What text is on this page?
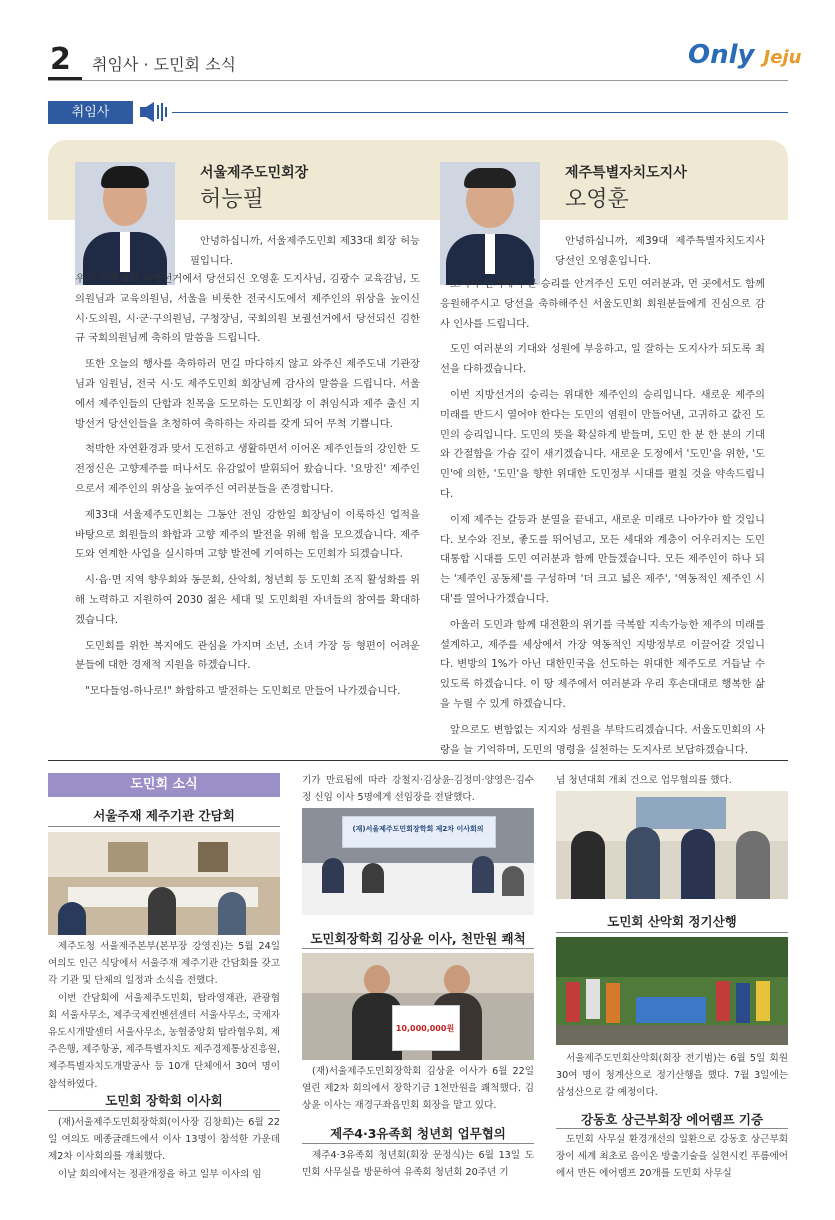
2 취임사 · 도민회 소식	Only Jeju
취임사
서울제주도민회장
허능필

안녕하십니까, 서울제주도민회 제33대 회장 허능필입니다.

우선 이번 8회 지방선거에서 당선되신 오영훈 도지사님, 김광수 교육감님, 도의원님과 교육의원님, 서울을 비롯한 전국시도에서 제주인의 위상을 높이신 시·도의원, 시·군·구의원님, 구청장님, 국회의원 보궐선거에서 당선되신 김한규 국회의원님께 축하의 말씀을 드립니다.

또한 오늘의 행사를 축하하러 먼길 마다하지 않고 와주신 제주도내 기관장님과 임원님, 전국 시·도 제주도민회 회장님께 감사의 말씀을 드립니다. 서울에서 제주인들의 단합과 친목을 도모하는 도민회장 이 취임식과 제주 출신 지방선거 당선인들을 초청하여 축하하는 자리를 갖게 되어 무척 기쁩니다.

척박한 자연환경과 맞서 도전하고 생활하면서 이어온 제주인들의 강인한 도전정신은 고향제주를 떠나서도 유감없이 발휘되어 왔습니다. '요망진' 제주인으로서 제주인의 위상을 높여주신 여러분들을 존경합니다.

제33대 서울제주도민회는 그동안 전임 강한일 회장님이 이룩하신 업적을 바탕으로 회원들의 화합과 고향 제주의 발전을 위해 힘을 모으겠습니다. 제주도와 연계한 사업을 실시하며 고향 발전에 기여하는 도민회가 되겠습니다.

시·읍·면 지역 향우회와 동문회, 산악회, 청년회 등 도민회 조직 활성화를 위해 노력하고 지원하여 2030 젊은 세대 및 도민회원 자녀들의 참여를 확대하겠습니다.

도민회를 위한 복지에도 관심을 가지며 소년, 소녀 가장 등 형편이 어려운 분들에 대한 경제적 지원을 하겠습니다.

"모다들엉-하나로!" 화합하고 발전하는 도민회로 만들어 나가겠습니다.

제주특별자치도지사
오영훈

안녕하십니까, 제39대 제주특별자치도지사 당선인 오영훈입니다.

도지사 선거에서 큰 승리를 안겨주신 도민 여러분과, 먼 곳에서도 함께 응원해주시고 당선을 축하해주신 서울도민회 회원분들에게 진심으로 감사 인사를 드립니다.

도민 여러분의 기대와 성원에 부응하고, 일 잘하는 도지사가 되도록 최선을 다하겠습니다.

이번 지방선거의 승리는 위대한 제주인의 승리입니다. 새로운 제주의 미래를 반드시 열어야 한다는 도민의 염원이 만들어낸, 고귀하고 값진 도민의 승리입니다. 도민의 뜻을 확실하게 받들며, 도민 한 분 한 분의 기대와 간절함을 가슴 깊이 새기겠습니다. 새로운 도정에서 '도민'을 위한, '도민'에 의한, '도민'을 향한 위대한 도민정부 시대를 펼칠 것을 약속드립니다.

이제 제주는 갈등과 분열을 끝내고, 새로운 미래로 나아가야 할 것입니다. 보수와 진보, 좋도를 뛰어넘고, 모든 세대와 계층이 어우러지는 도민 대통합 시대를 도민 여러분과 함께 만들겠습니다. 모든 제주인이 하나 되는 '제주인 공동체'를 구성하며 '더 크고 넓은 제주', '역동적인 제주인 시대'를 열어나가겠습니다.

아울러 도민과 함께 대전환의 위기를 극복할 지속가능한 제주의 미래를 설계하고, 제주를 세상에서 가장 역동적인 지방정부로 이끌어갈 것입니다. 변방의 1%가 아닌 대한민국을 선도하는 위대한 제주도로 거듭날 수 있도록 하겠습니다. 이 땅 제주에서 여러분과 우리 후손대대로 행복한 삶을 누릴 수 있게 하겠습니다.

앞으로도 변함없는 지지와 성원을 부탁드리겠습니다. 서울도민회의 사랑을 늘 기억하며, 도민의 명령을 실천하는 도지사로 보답하겠습니다.

도민회 소식
서울주재 제주기관 간담회

제주도청 서울제주본부(본부장 강영진)는 5월 24일 여의도 인근 식당에서 서울주재 제주기관 간담회를 갖고 각 기관 및 단체의 일정과 소식을 전했다.

이번 간담회에 서울제주도민회, 탐라영재관, 관광협회 서울사무소, 제주국제컨벤션센터 서울사무소, 국제자유도시개발센터 서울사무소, 농협중앙회 탐라협우회, 제주은행, 제주항공, 제주특별자치도 제주경제통상진흥원, 제주특별자치도개발공사 등 10개 단체에서 30여 명이 참석하였다.

도민회 장학회 이사회

(재)서울제주도민회장학회(이사장 김창희)는 6월 22일 여의도 메종글래드에서 이사 13명이 참석한 가운데 제2차 이사회의를 개최했다.

이날 회의에서는 정관개정을 하고 일부 이사의 임

기가 만료됨에 따라 강철지·김상윤·김정미·양영은·김수정 신임 이사 5명에게 선임장을 전달했다.

(재)서울제주도민회장학회 제2차 이사회의
도민회장학회 김상윤 이사, 천만원 쾌척
10,000,000원

(재)서울제주도민회장학회 김상윤 이사가 6월 22일 열린 제2차 회의에서 장학기금 1천만원을 쾌척했다. 김상윤 이사는 재경구좌읍민회 회장을 맡고 있다.

제주4·3유족회 청년회 업무협의

제주4·3유족회 청년회(회장 문정식)는 6월 13일 도민회 사무실을 방문하여 유족회 청년회 20주년 기

념 청년대회 개최 건으로 업무협의를 했다.

도민회 산악회 정기산행

서울제주도민회산악회(회장 전기범)는 6월 5일 회원 30여 명이 청계산으로 정기산행을 했다. 7월 3일에는 삼성산으로 갈 예정이다.

강동호 상근부회장 에어램프 기증

도민회 사무실 환경개선의 일환으로 강동호 상근부회장이 세계 최초로 음이온 방출기술을 실현시킨 푸름에어에서 만든 에어램프 20개를 도민회 사무실
